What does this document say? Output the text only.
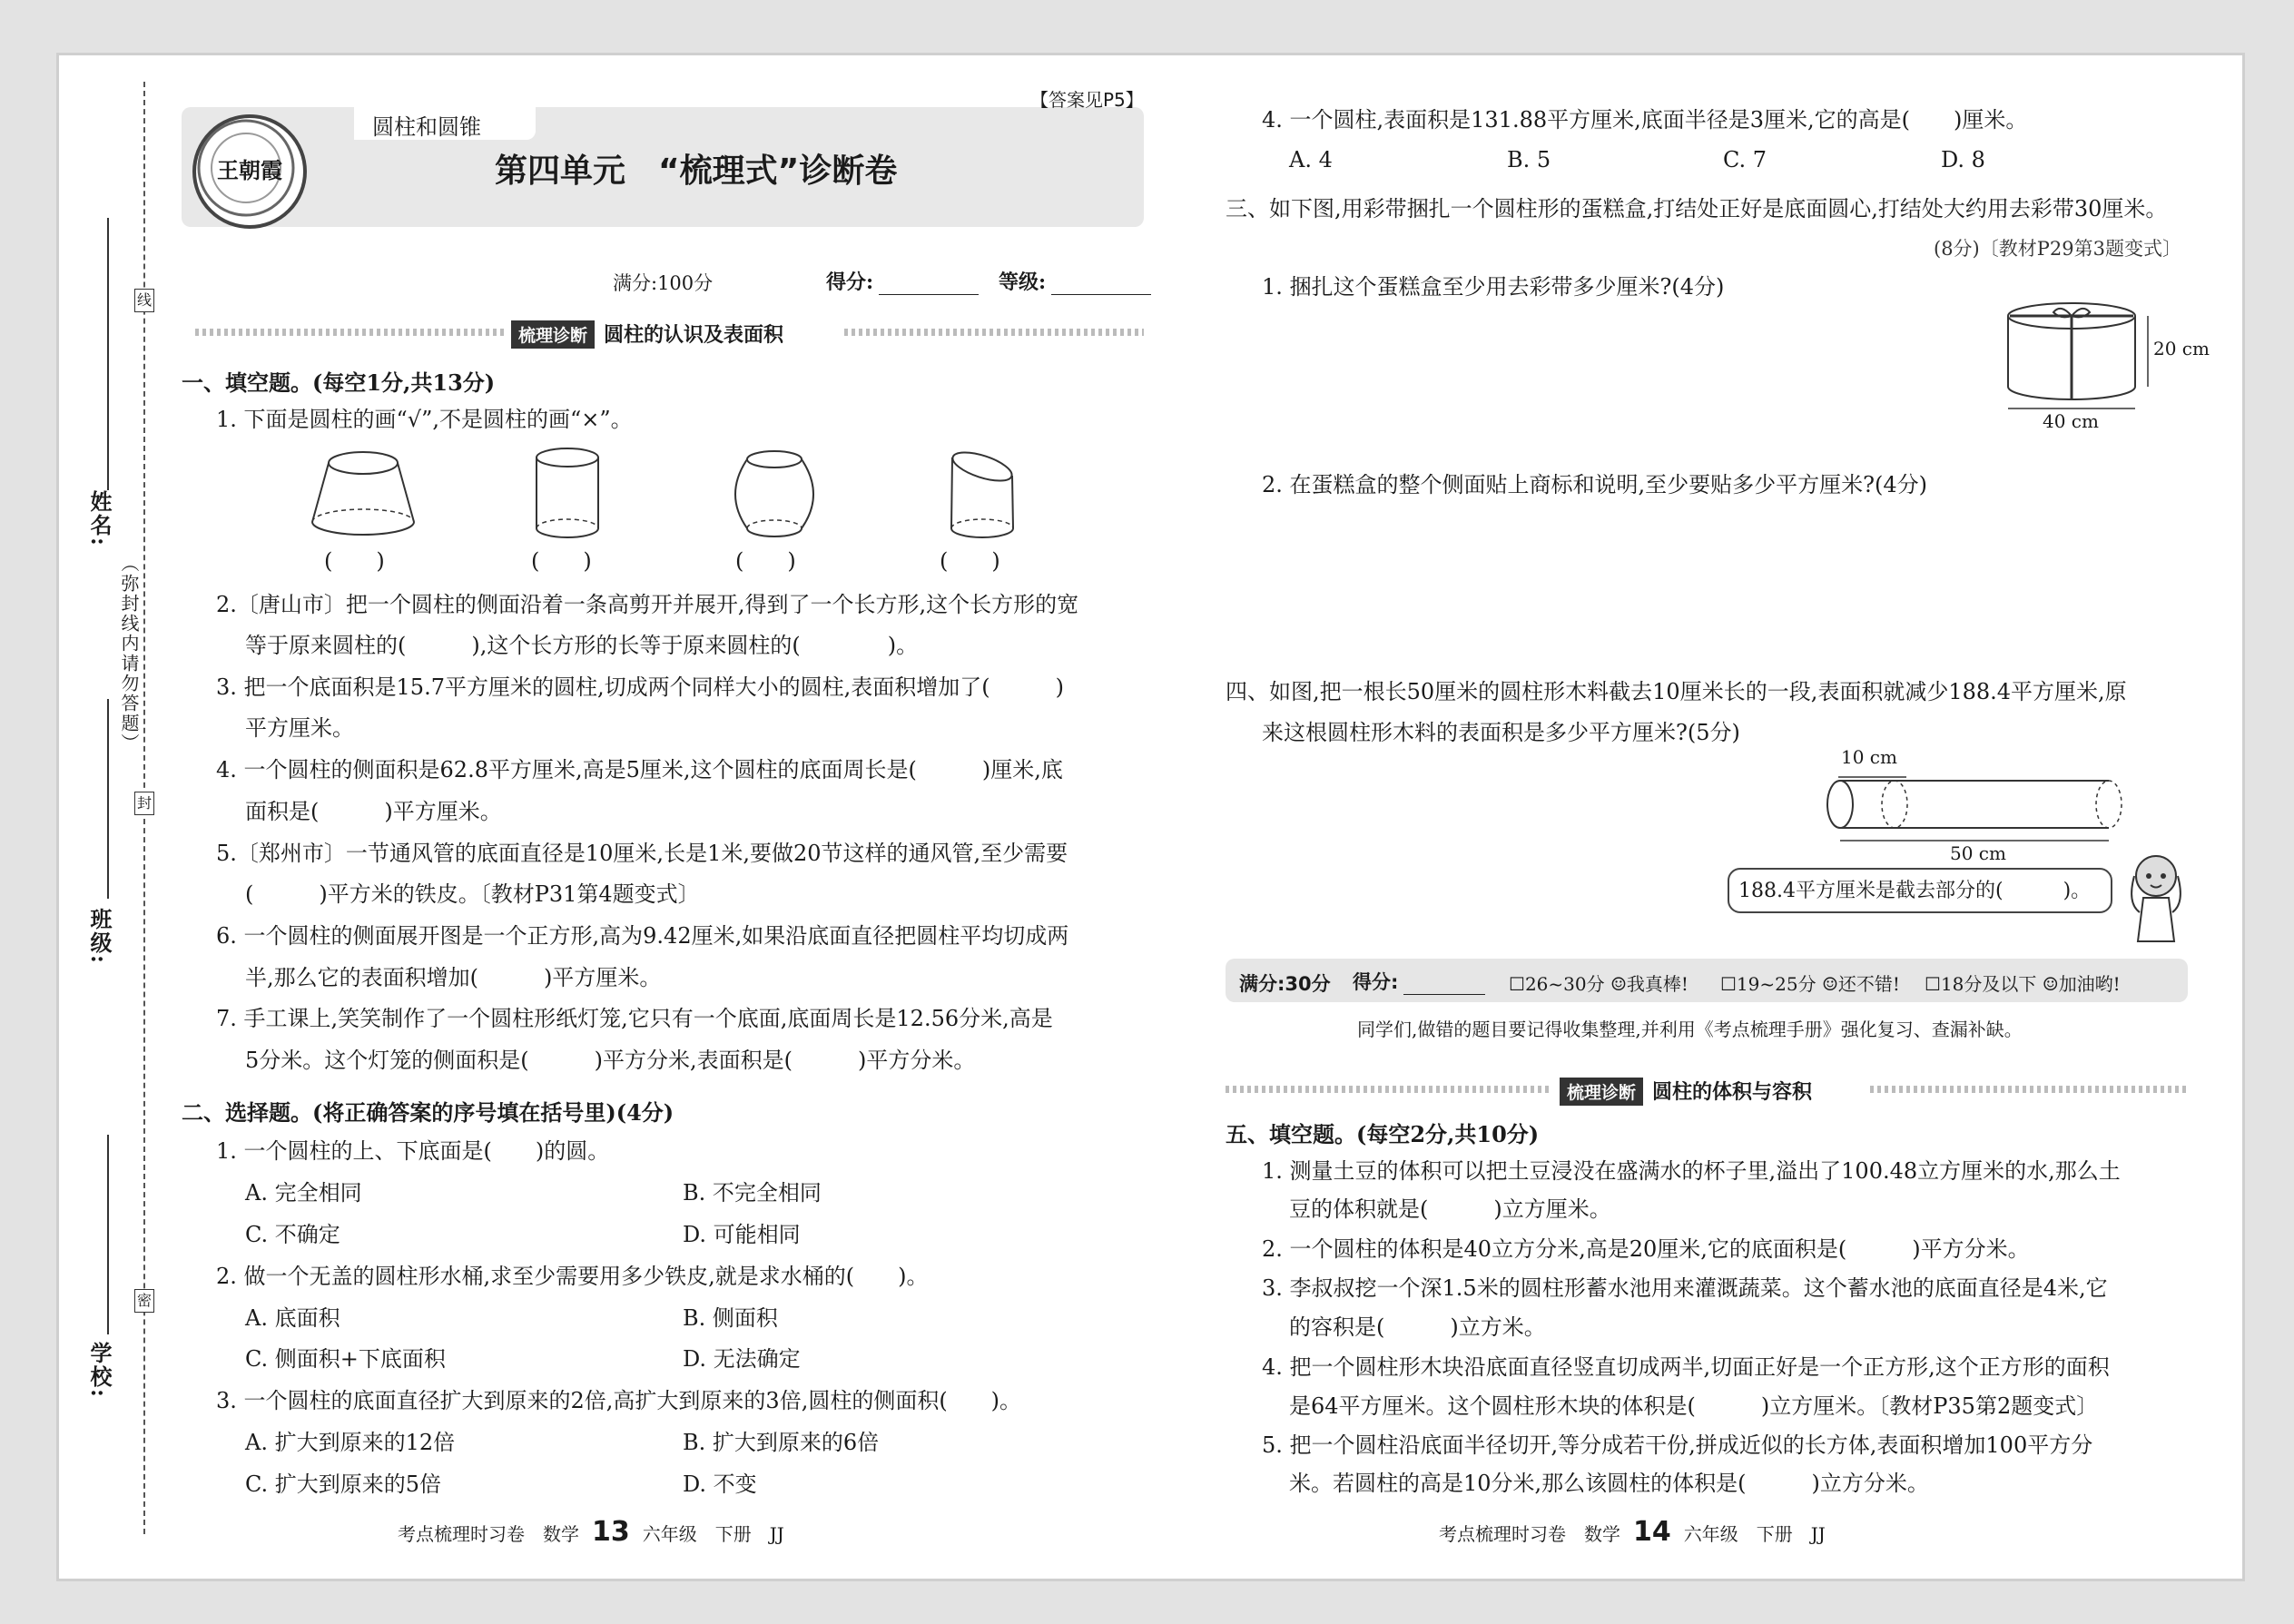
线
封
密
（弥封线内请勿答题）
姓名:
班级:
学校:
王朝霞
圆柱和圆锥
【答案见P5】
第四单元　“梳理式”诊断卷
满分:100分	得分:	等级:
梳理诊断 圆柱的认识及表面积
一、填空题。(每空1分,共13分)
1. 下面是圆柱的画“√”,不是圆柱的画“×”。
(　　)	(　　)	(　　)	(　　)
2.〔唐山市〕把一个圆柱的侧面沿着一条高剪开并展开,得到了一个长方形,这个长方形的宽
等于原来圆柱的(　　　),这个长方形的长等于原来圆柱的(　　　　)。
3. 把一个底面积是15.7平方厘米的圆柱,切成两个同样大小的圆柱,表面积增加了(　　　)
平方厘米。
4. 一个圆柱的侧面积是62.8平方厘米,高是5厘米,这个圆柱的底面周长是(　　　)厘米,底
面积是(　　　)平方厘米。
5.〔郑州市〕一节通风管的底面直径是10厘米,长是1米,要做20节这样的通风管,至少需要
(　　　)平方米的铁皮。〔教材P31第4题变式〕
6. 一个圆柱的侧面展开图是一个正方形,高为9.42厘米,如果沿底面直径把圆柱平均切成两
半,那么它的表面积增加(　　　)平方厘米。
7. 手工课上,笑笑制作了一个圆柱形纸灯笼,它只有一个底面,底面周长是12.56分米,高是
5分米。这个灯笼的侧面积是(　　　)平方分米,表面积是(　　　)平方分米。
二、选择题。(将正确答案的序号填在括号里)(4分)
1. 一个圆柱的上、下底面是(　　)的圆。
A. 完全相同	B. 不完全相同
C. 不确定	D. 可能相同
2. 做一个无盖的圆柱形水桶,求至少需要用多少铁皮,就是求水桶的(　　)。
A. 底面积	B. 侧面积
C. 侧面积+下底面积	D. 无法确定
3. 一个圆柱的底面直径扩大到原来的2倍,高扩大到原来的3倍,圆柱的侧面积(　　)。
A. 扩大到原来的12倍	B. 扩大到原来的6倍
C. 扩大到原来的5倍	D. 不变
考点梳理时习卷　数学 13 六年级　下册　JJ
4. 一个圆柱,表面积是131.88平方厘米,底面半径是3厘米,它的高是(　　)厘米。
A. 4	B. 5	C. 7	D. 8
三、如下图,用彩带捆扎一个圆柱形的蛋糕盒,打结处正好是底面圆心,打结处大约用去彩带30厘米。
(8分)〔教材P29第3题变式〕
1. 捆扎这个蛋糕盒至少用去彩带多少厘米?(4分)
20 cm
40 cm
2. 在蛋糕盒的整个侧面贴上商标和说明,至少要贴多少平方厘米?(4分)
四、如图,把一根长50厘米的圆柱形木料截去10厘米长的一段,表面积就减少188.4平方厘米,原
来这根圆柱形木料的表面积是多少平方厘米?(5分)
10 cm
50 cm
188.4平方厘米是截去部分的(　　　)。
满分:30分 得分:	☐26~30分 ☺我真棒! ☐19~25分 ☺还不错! ☐18分及以下 ☺加油哟!
同学们,做错的题目要记得收集整理,并利用《考点梳理手册》强化复习、查漏补缺。
梳理诊断 圆柱的体积与容积
五、填空题。(每空2分,共10分)
1. 测量土豆的体积可以把土豆浸没在盛满水的杯子里,溢出了100.48立方厘米的水,那么土
豆的体积就是(　　　)立方厘米。
2. 一个圆柱的体积是40立方分米,高是20厘米,它的底面积是(　　　)平方分米。
3. 李叔叔挖一个深1.5米的圆柱形蓄水池用来灌溉蔬菜。这个蓄水池的底面直径是4米,它
的容积是(　　　)立方米。
4. 把一个圆柱形木块沿底面直径竖直切成两半,切面正好是一个正方形,这个正方形的面积
是64平方厘米。这个圆柱形木块的体积是(　　　)立方厘米。〔教材P35第2题变式〕
5. 把一个圆柱沿底面半径切开,等分成若干份,拼成近似的长方体,表面积增加100平方分
米。若圆柱的高是10分米,那么该圆柱的体积是(　　　)立方分米。
考点梳理时习卷　数学 14 六年级　下册　JJ
